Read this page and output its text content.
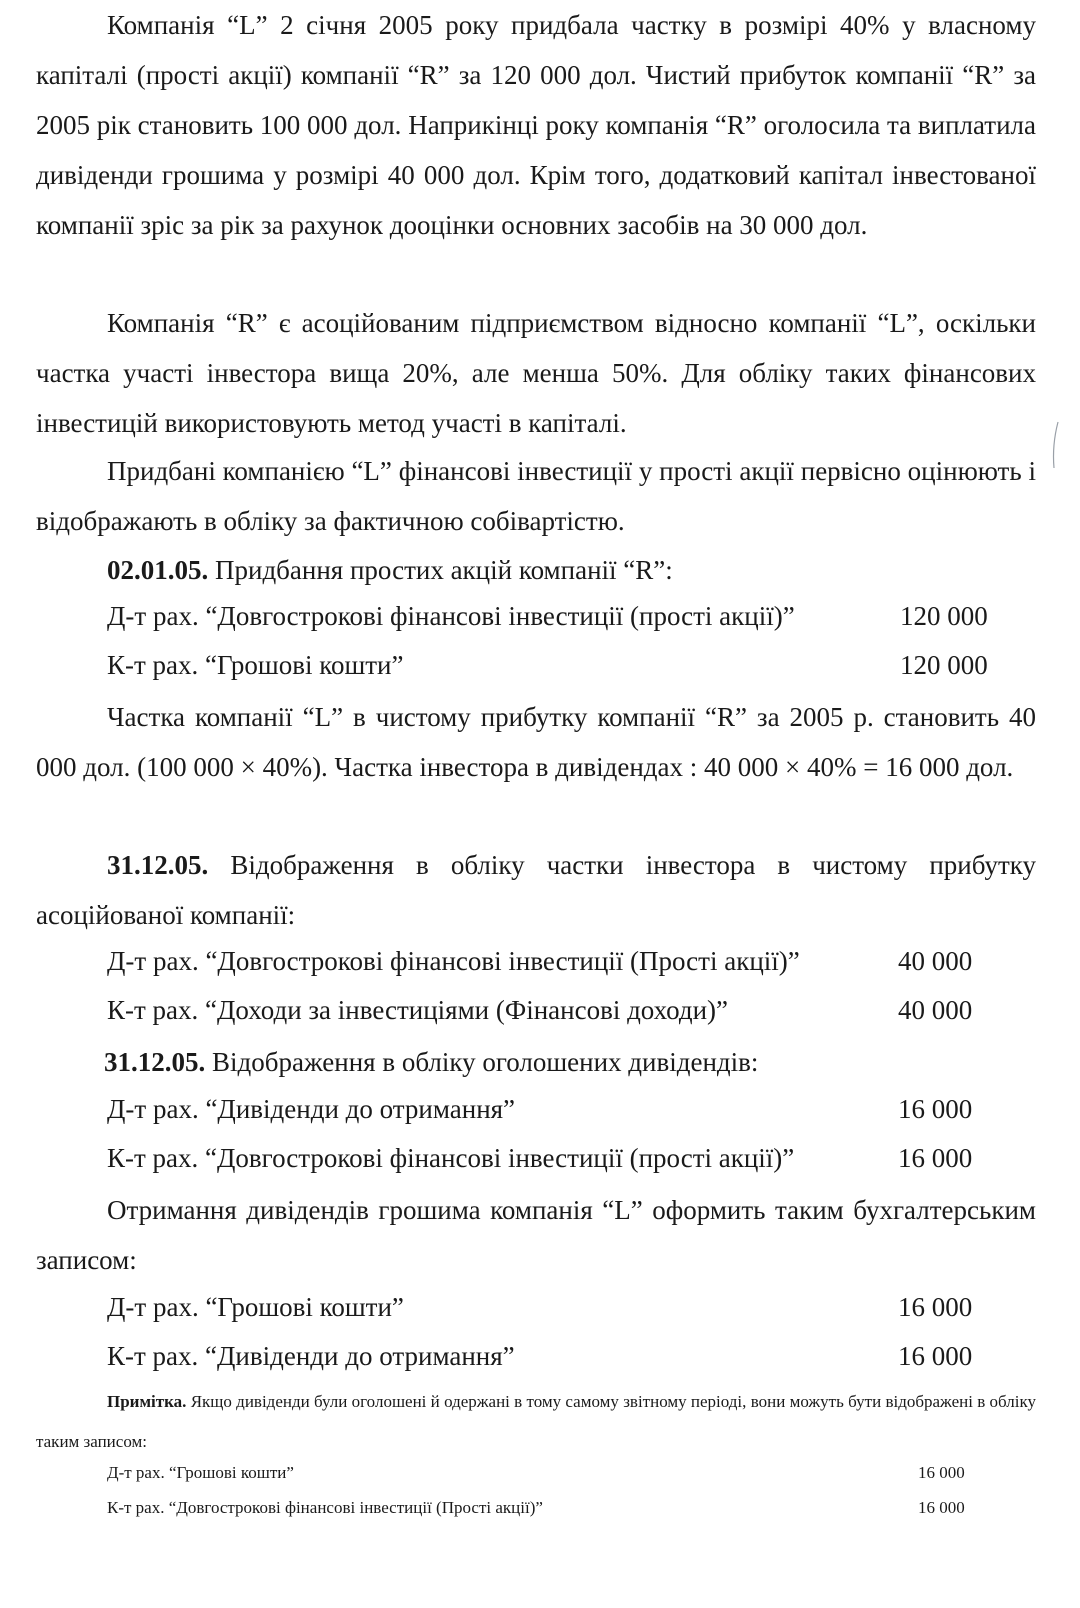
Компанія “L” 2 січня 2005 року придбала частку в розмірі 40% у власному капіталі (прості акції) компанії “R” за 120 000 дол. Чистий прибуток компанії “R” за 2005 рік становить 100 000 дол. Наприкінці року компанія “R” оголосила та виплатила дивіденди грошима у розмірі 40 000 дол. Крім того, додатковий капітал інвестованої компанії зріс за рік за рахунок дооцінки основних засобів на 30 000 дол.

Компанія “R” є асоційованим підприємством відносно компанії “L”, оскільки частка участі інвестора вища 20%, але менша 50%. Для обліку таких фінансових інвестицій використовують метод участі в капіталі.

Придбані компанією “L” фінансові інвестиції у прості акції первісно оцінюють і відображають в обліку за фактичною собівартістю.

02.01.05. Придбання простих акцій компанії “R”:

Д-т рах. “Довгострокові фінансові інвестиції (прості акції)”	120 000
К-т рах. “Грошові кошти”	120 000

Частка компанії “L” в чистому прибутку компанії “R” за 2005 р. становить 40 000 дол. (100 000 × 40%). Частка інвестора в дивідендах : 40 000 × 40% = 16 000 дол.

31.12.05. Відображення в обліку частки інвестора в чистому прибутку асоційованої компанії:

Д-т рах. “Довгострокові фінансові інвестиції (Прості акції)”	40 000
К-т рах. “Доходи за інвестиціями (Фінансові доходи)”	40 000

31.12.05. Відображення в обліку оголошених дивідендів:

Д-т рах. “Дивіденди до отримання”	16 000
К-т рах. “Довгострокові фінансові інвестиції (прості акції)”	16 000

Отримання дивідендів грошима компанія “L” оформить таким бухгалтерським записом:

Д-т рах. “Грошові кошти”	16 000
К-т рах. “Дивіденди до отримання”	16 000

Примітка. Якщо дивіденди були оголошені й одержані в тому самому звітному періоді, вони можуть бути відображені в обліку таким записом:

Д-т рах. “Грошові кошти”	16 000
К-т рах. “Довгострокові фінансові інвестиції (Прості акції)”	16 000
